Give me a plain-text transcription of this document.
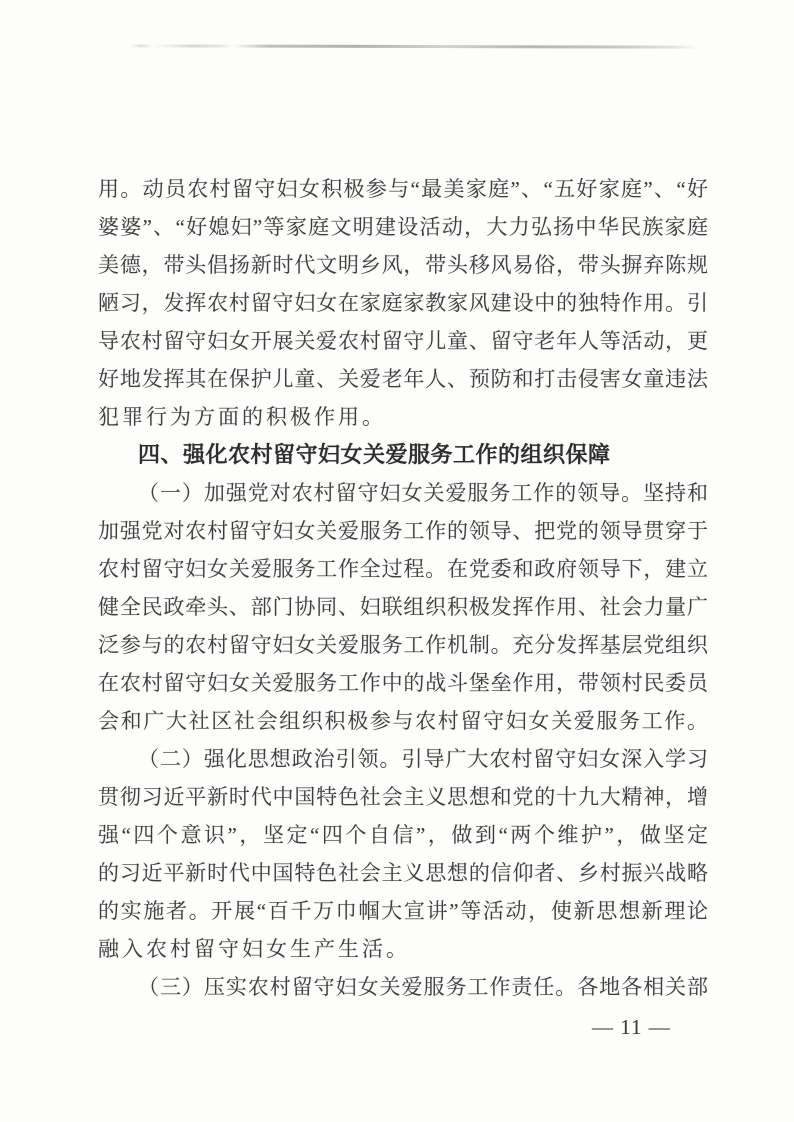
用。动员农村留守妇女积极参与“最美家庭”、“五好家庭”、“好
婆婆”、“好媳妇”等家庭文明建设活动，大力弘扬中华民族家庭
美德，带头倡扬新时代文明乡风，带头移风易俗，带头摒弃陈规
陋习，发挥农村留守妇女在家庭家教家风建设中的独特作用。引
导农村留守妇女开展关爱农村留守儿童、留守老年人等活动，更
好地发挥其在保护儿童、关爱老年人、预防和打击侵害女童违法
犯罪行为方面的积极作用。
四、强化农村留守妇女关爱服务工作的组织保障
（一）加强党对农村留守妇女关爱服务工作的领导。坚持和
加强党对农村留守妇女关爱服务工作的领导、把党的领导贯穿于
农村留守妇女关爱服务工作全过程。在党委和政府领导下，建立
健全民政牵头、部门协同、妇联组织积极发挥作用、社会力量广
泛参与的农村留守妇女关爱服务工作机制。充分发挥基层党组织
在农村留守妇女关爱服务工作中的战斗堡垒作用，带领村民委员
会和广大社区社会组织积极参与农村留守妇女关爱服务工作。
（二）强化思想政治引领。引导广大农村留守妇女深入学习
贯彻习近平新时代中国特色社会主义思想和党的十九大精神，增
强“四个意识”，坚定“四个自信”，做到“两个维护”，做坚定
的习近平新时代中国特色社会主义思想的信仰者、乡村振兴战略
的实施者。开展“百千万巾帼大宣讲”等活动，使新思想新理论
融入农村留守妇女生产生活。
（三）压实农村留守妇女关爱服务工作责任。各地各相关部
— 11 —
